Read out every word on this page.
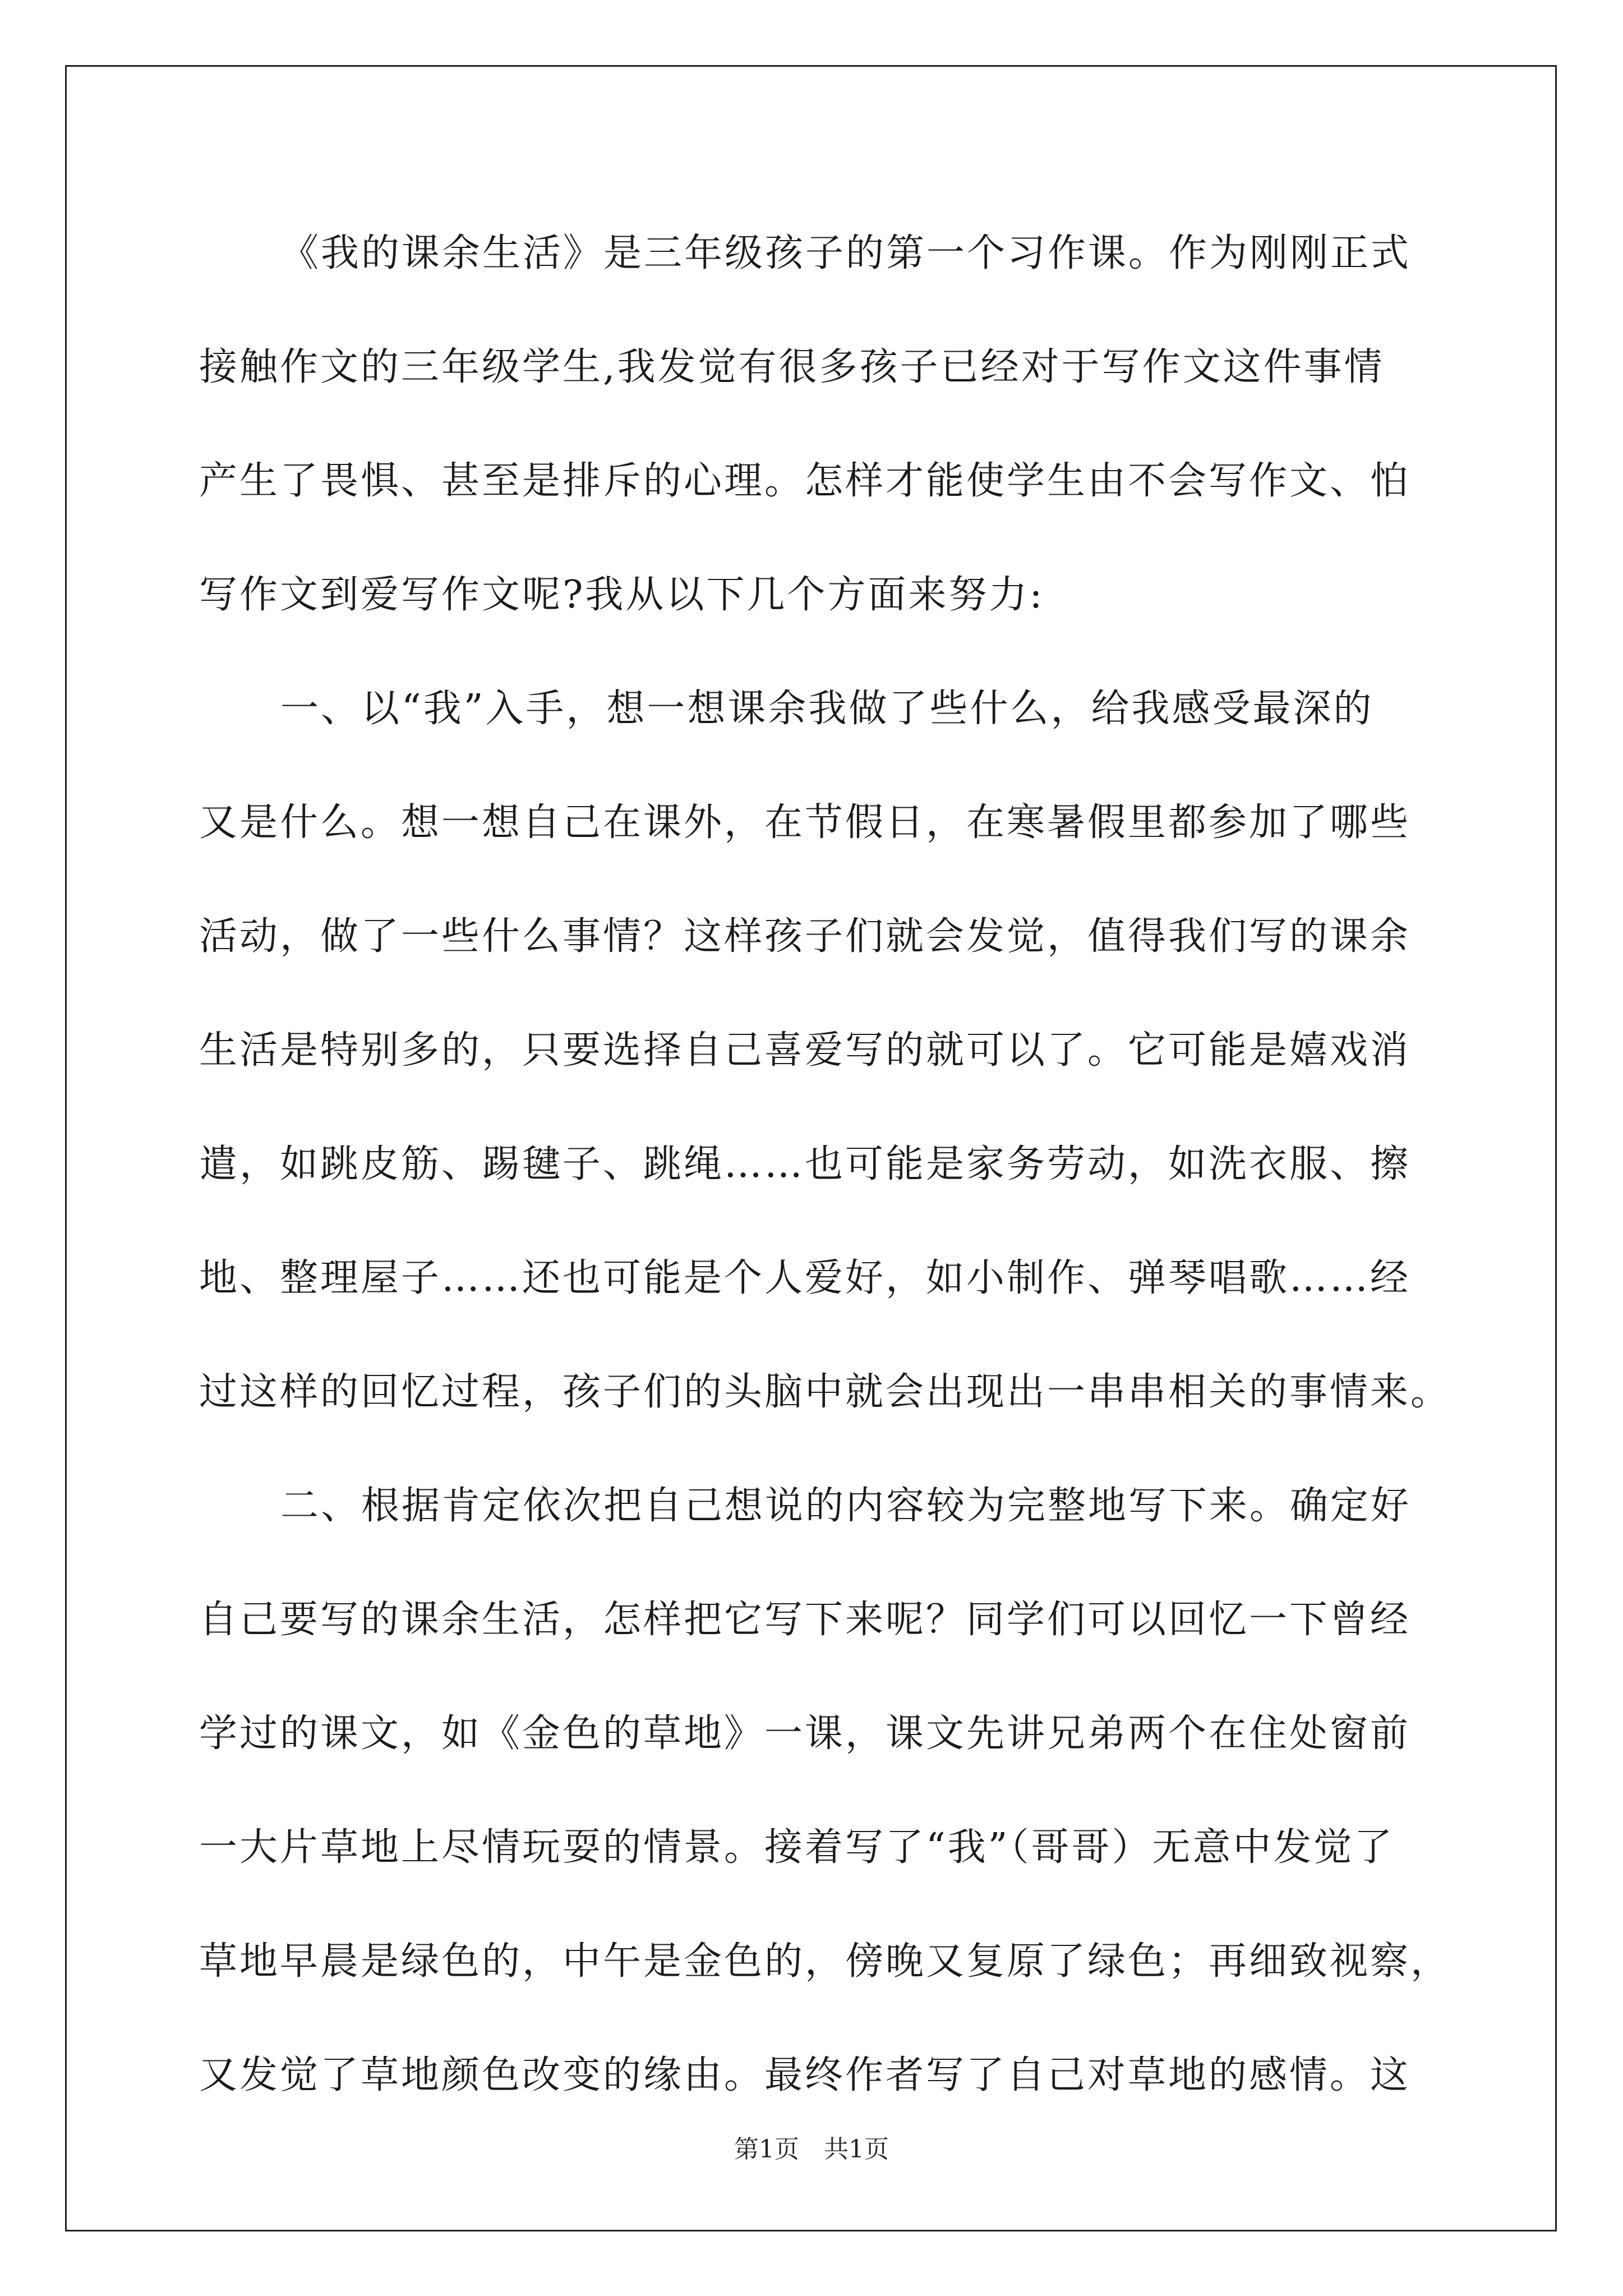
《我的课余生活》是三年级孩子的第一个习作课。作为刚刚正式
接触作文的三年级学生,我发觉有很多孩子已经对于写作文这件事情
产生了畏惧、甚至是排斥的心理。怎样才能使学生由不会写作文、怕
写作文到爱写作文呢?我从以下几个方面来努力:
一、以“我”入手，想一想课余我做了些什么，给我感受最深的
又是什么。想一想自己在课外，在节假日，在寒暑假里都参加了哪些
活动，做了一些什么事情？这样孩子们就会发觉，值得我们写的课余
生活是特别多的，只要选择自己喜爱写的就可以了。它可能是嬉戏消
遣，如跳皮筋、踢毽子、跳绳……也可能是家务劳动，如洗衣服、擦
地、整理屋子……还也可能是个人爱好，如小制作、弹琴唱歌……经
过这样的回忆过程，孩子们的头脑中就会出现出一串串相关的事情来。
二、根据肯定依次把自己想说的内容较为完整地写下来。确定好
自己要写的课余生活，怎样把它写下来呢？同学们可以回忆一下曾经
学过的课文，如《金色的草地》一课，课文先讲兄弟两个在住处窗前
一大片草地上尽情玩耍的情景。接着写了“我”（哥哥）无意中发觉了
草地早晨是绿色的，中午是金色的，傍晚又复原了绿色；再细致视察，
又发觉了草地颜色改变的缘由。最终作者写了自己对草地的感情。这
第1页　共1页
